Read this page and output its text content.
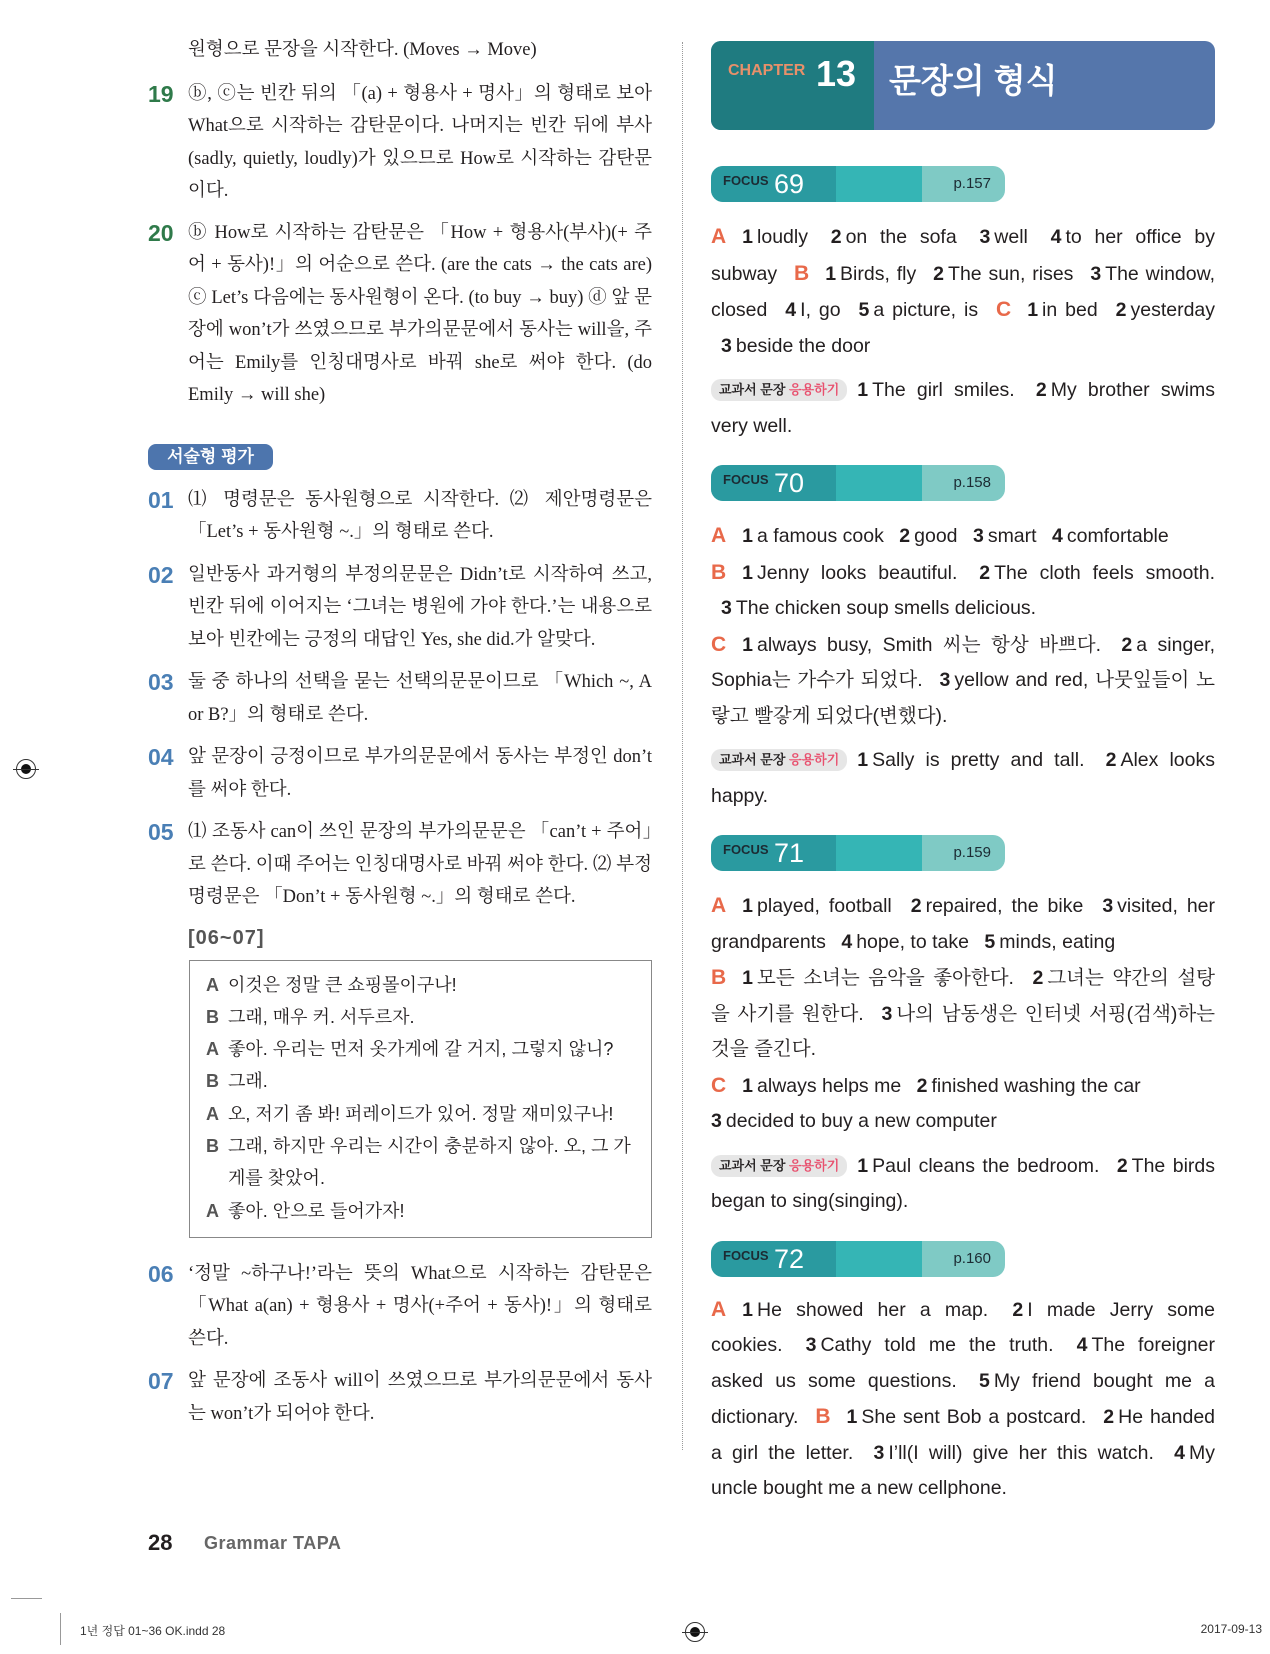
원형으로 문장을 시작한다. (Moves → Move)
19 ⓑ, ⓒ는 빈칸 뒤의 「(a) + 형용사 + 명사」의 형태로 보아 What으로 시작하는 감탄문이다. 나머지는 빈칸 뒤에 부사(sadly, quietly, loudly)가 있으므로 How로 시작하는 감탄문이다.
20 ⓑ How로 시작하는 감탄문은 「How + 형용사(부사)(+ 주어 + 동사)!」의 어순으로 쓴다. (are the cats → the cats are) ⓒ Let’s 다음에는 동사원형이 온다. (to buy → buy) ⓓ 앞 문장에 won’t가 쓰였으므로 부가의문문에서 동사는 will을, 주어는 Emily를 인칭대명사로 바꿔 she로 써야 한다. (do Emily → will she)
서술형 평가
01 ⑴ 명령문은 동사원형으로 시작한다. ⑵ 제안명령문은 「Let’s + 동사원형 ~.」의 형태로 쓴다.
02 일반동사 과거형의 부정의문문은 Didn’t로 시작하여 쓰고, 빈칸 뒤에 이어지는 ‘그녀는 병원에 가야 한다.’는 내용으로 보아 빈칸에는 긍정의 대답인 Yes, she did.가 알맞다.
03 둘 중 하나의 선택을 묻는 선택의문문이므로 「Which ~, A or B?」의 형태로 쓴다.
04 앞 문장이 긍정이므로 부가의문문에서 동사는 부정인 don’t를 써야 한다.
05 ⑴ 조동사 can이 쓰인 문장의 부가의문문은 「can’t + 주어」로 쓴다. 이때 주어는 인칭대명사로 바꿔 써야 한다. ⑵ 부정명령문은 「Don’t + 동사원형 ~.」의 형태로 쓴다.
[06~07]
A 이것은 정말 큰 쇼핑몰이구나!
B 그래, 매우 커. 서두르자.
A 좋아. 우리는 먼저 옷가게에 갈 거지, 그렇지 않니?
B 그래.
A 오, 저기 좀 봐! 퍼레이드가 있어. 정말 재미있구나!
B 그래, 하지만 우리는 시간이 충분하지 않아. 오, 그 가게를 찾았어.
A 좋아. 안으로 들어가자!
06 ‘정말 ~하구나!’라는 뜻의 What으로 시작하는 감탄문은 「What a(an) + 형용사 + 명사(+주어 + 동사)!」의 형태로 쓴다.
07 앞 문장에 조동사 will이 쓰였으므로 부가의문문에서 동사는 won’t가 되어야 한다.
28 Grammar TAPA
CHAPTER 13 문장의 형식
FOCUS 69	p.157
A 1 loudly 2 on the sofa 3 well 4 to her office by subway B 1 Birds, fly 2 The sun, rises 3 The window, closed 4 I, go 5 a picture, is C 1 in bed 2 yesterday 3 beside the door
교과서 문장 응용하기 1 The girl smiles. 2 My brother swims very well.
FOCUS 70	p.158
A 1 a famous cook 2 good 3 smart 4 comfortable
B 1 Jenny looks beautiful. 2 The cloth feels smooth. 3 The chicken soup smells delicious.
C 1 always busy, Smith 씨는 항상 바쁘다. 2 a singer, Sophia는 가수가 되었다. 3 yellow and red, 나뭇잎들이 노랗고 빨갛게 되었다(변했다).
교과서 문장 응용하기 1 Sally is pretty and tall. 2 Alex looks happy.
FOCUS 71	p.159
A 1 played, football 2 repaired, the bike 3 visited, her grandparents 4 hope, to take 5 minds, eating
B 1 모든 소녀는 음악을 좋아한다. 2 그녀는 약간의 설탕을 사기를 원한다. 3 나의 남동생은 인터넷 서핑(검색)하는 것을 즐긴다.
C 1 always helps me 2 finished washing the car
3 decided to buy a new computer
교과서 문장 응용하기 1 Paul cleans the bedroom. 2 The birds began to sing(singing).
FOCUS 72	p.160
A 1 He showed her a map. 2 I made Jerry some cookies. 3 Cathy told me the truth. 4 The foreigner asked us some questions. 5 My friend bought me a dictionary. B 1 She sent Bob a postcard. 2 He handed a girl the letter. 3 I’ll(I will) give her this watch. 4 My uncle bought me a new cellphone.
1년 정답 01~36 OK.indd 28	2017-09-13
